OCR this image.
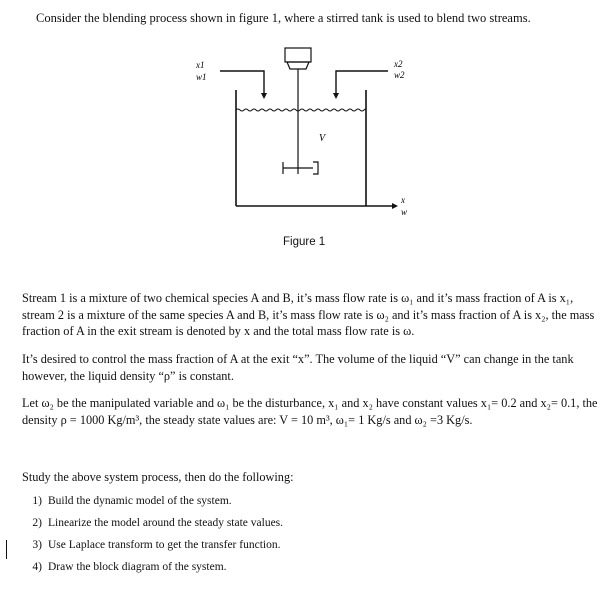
Consider the blending process shown in figure 1, where a stirred tank is used to blend two streams.
x1
w1
x2
w2
V
x
w
Figure 1
Stream 1 is a mixture of two chemical species A and B, it’s mass flow rate is ω₁ and it’s mass fraction of A is x₁, stream 2 is a mixture of the same species A and B, it’s mass flow rate is ω₂ and it’s mass fraction of A is x₂, the mass fraction of A in the exit stream is denoted by x and the total mass flow rate is ω.
It’s desired to control the mass fraction of A at the exit “x”. The volume of the liquid “V” can change in the tank however, the liquid density “ρ” is constant.
Let ω₂ be the manipulated variable and ω₁ be the disturbance, x₁ and x₂ have constant values x₁= 0.2 and x₂= 0.1, the density ρ = 1000 Kg/m³, the steady state values are: V = 10 m³, ω₁= 1 Kg/s and ω₂ =3 Kg/s.
Study the above system process, then do the following:
1) Build the dynamic model of the system.
2) Linearize the model around the steady state values.
3) Use Laplace transform to get the transfer function.
4) Draw the block diagram of the system.
